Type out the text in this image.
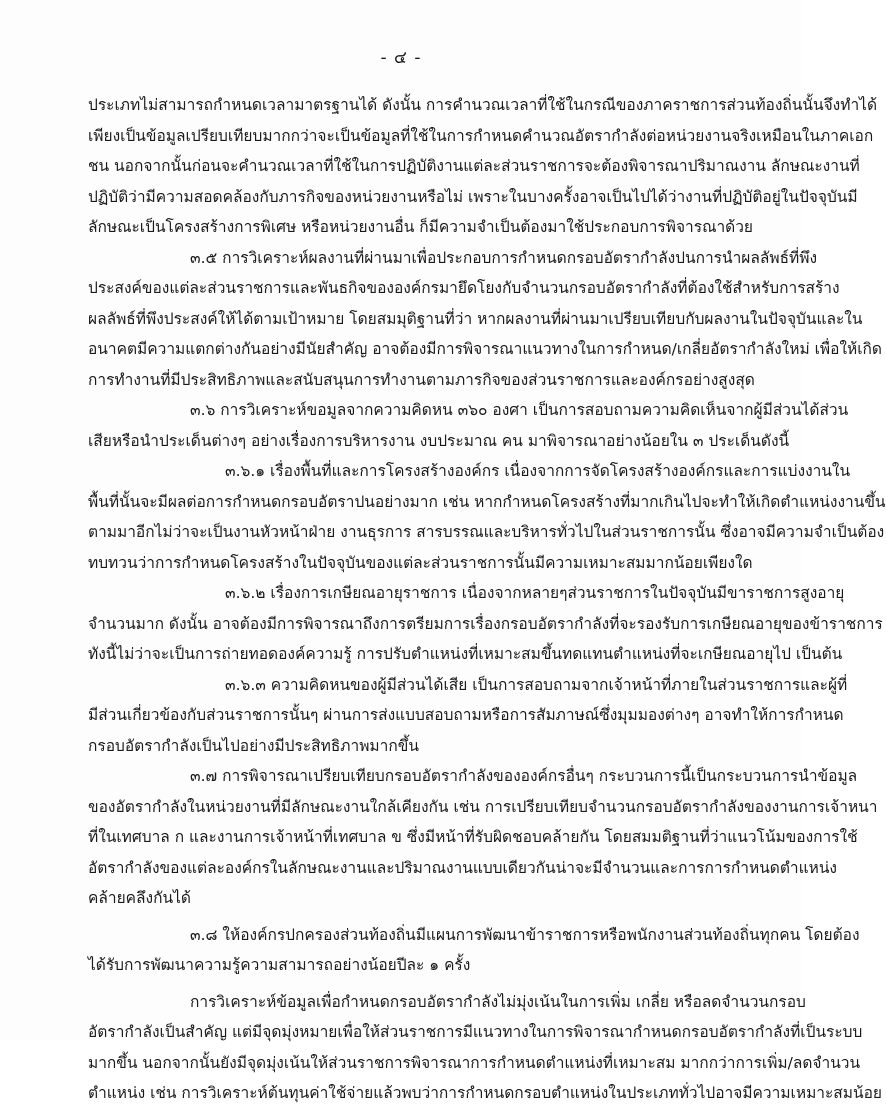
- ๔ -
ประเภทไม่สามารถกำหนดเวลามาตรฐานได้ ดังนั้น การคำนวณเวลาที่ใช้ในกรณีของภาคราชการส่วนท้องถิ่นนั้นจึงทำได้
เพียงเป็นข้อมูลเปรียบเทียบมากกว่าจะเป็นข้อมูลที่ใช้ในการกำหนดคำนวณอัตรากำลังต่อหน่วยงานจริงเหมือนในภาคเอก
ชน นอกจากนั้นก่อนจะคำนวณเวลาที่ใช้ในการปฏิบัติงานแต่ละส่วนราชการจะต้องพิจารณาปริมาณงาน ลักษณะงานที่
ปฏิบัติว่ามีความสอดคล้องกับภารกิจของหน่วยงานหรือไม่ เพราะในบางครั้งอาจเป็นไปได้ว่างานที่ปฏิบัติอยู่ในปัจจุบันมี
ลักษณะเป็นโครงสร้างการพิเศษ หรือหน่วยงานอื่น ก็มีความจำเป็นต้องมาใช้ประกอบการพิจารณาด้วย
๓.๕ การวิเคราะห์ผลงานที่ผ่านมาเพื่อประกอบการกำหนดกรอบอัตรากำลังปนการนำผลลัพธ์ที่พึง
ประสงค์ของแต่ละส่วนราชการและพันธกิจขององค์กรมายึดโยงกับจำนวนกรอบอัตรากำลังที่ต้องใช้สำหรับการสร้าง
ผลลัพธ์ที่พึงประสงค์ให้ได้ตามเป้าหมาย โดยสมมุติฐานที่ว่า หากผลงานที่ผ่านมาเปรียบเทียบกับผลงานในปัจจุบันและใน
อนาคตมีความแตกต่างกันอย่างมีนัยสำคัญ อาจต้องมีการพิจารณาแนวทางในการกำหนด/เกลี่ยอัตรากำลังใหม่ เพื่อให้เกิด
การทำงานที่มีประสิทธิภาพและสนับสนุนการทำงานตามภารกิจของส่วนราชการและองค์กรอย่างสูงสุด
๓.๖ การวิเคราะห์ขอมูลจากความคิดหน ๓๖๐ องศา เป็นการสอบถามความคิดเห็นจากผู้มีส่วนได้ส่วน
เสียหรือนำประเด็นต่างๆ อย่างเรื่องการบริหารงาน งบประมาณ คน มาพิจารณาอย่างน้อยใน ๓ ประเด็นดังนี้
๓.๖.๑ เรื่องพื้นที่และการโครงสร้างองค์กร เนื่องจากการจัดโครงสร้างองค์กรและการแบ่งงานใน
พื้นที่นั้นจะมีผลต่อการกำหนดกรอบอัตราปนอย่างมาก เช่น หากกำหนดโครงสร้างที่มากเกินไปจะทำให้เกิดตำแหน่งงานขึ้น
ตามมาอีกไม่ว่าจะเป็นงานหัวหน้าฝ่าย งานธุรการ สารบรรณและบริหารทั่วไปในส่วนราชการนั้น ซึ่งอาจมีความจำเป็นต้อง
ทบทวนว่าการกำหนดโครงสร้างในปัจจุบันของแต่ละส่วนราชการนั้นมีความเหมาะสมมากน้อยเพียงใด
๓.๖.๒ เรื่องการเกษียณอายุราชการ เนื่องจากหลายๆส่วนราชการในปัจจุบันมีขาราชการสูงอายุ
จำนวนมาก ดังนั้น อาจต้องมีการพิจารณาถึงการตรียมการเรื่องกรอบอัตรากำลังที่จะรองรับการเกษียณอายุของข้าราชการ
ทังนี้ไม่ว่าจะเป็นการถ่ายทอดองค์ความรู้ การปรับตำแหน่งที่เหมาะสมขึ้นทดแทนตำแหน่งที่จะเกษียณอายุไป เป็นต้น
๓.๖.๓ ความคิดหนของผู้มีส่วนได้เสีย เป็นการสอบถามจากเจ้าหน้าที่ภายในส่วนราชการและผู้ที่
มีส่วนเกี่ยวข้องกับส่วนราชการนั้นๆ ผ่านการส่งแบบสอบถามหรือการสัมภาษณ์ซึ่งมุมมองต่างๆ อาจทำให้การกำหนด
กรอบอัตรากำลังเป็นไปอย่างมีประสิทธิภาพมากขึ้น
๓.๗ การพิจารณาเปรียบเทียบกรอบอัตรากำลังขององค์กรอื่นๆ กระบวนการนี้เป็นกระบวนการนำข้อมูล
ของอัตรากำลังในหน่วยงานที่มีลักษณะงานใกล้เคียงกัน เช่น การเปรียบเทียบจำนวนกรอบอัตรากำลังของงานการเจ้าหนา
ที่ในเทศบาล ก และงานการเจ้าหน้าที่เทศบาล ข ซึ่งมีหน้าที่รับผิดชอบคล้ายกัน โดยสมมติฐานที่ว่าแนวโน้มของการใช้
อัตรากำลังของแต่ละองค์กรในลักษณะงานและปริมาณงานแบบเดียวกันน่าจะมีจำนวนและการการกำหนดตำแหน่ง
คล้ายคลึงกันได้
๓.๘ ให้องค์กรปกครองส่วนท้องถิ่นมีแผนการพัฒนาข้าราชการหรือพนักงานส่วนท้องถิ่นทุกคน โดยต้อง
ได้รับการพัฒนาความรู้ความสามารถอย่างน้อยปีละ ๑ ครั้ง
การวิเคราะห์ข้อมูลเพื่อกำหนดกรอบอัตรากำลังไม่มุ่งเน้นในการเพิ่ม เกลี่ย หรือลดจำนวนกรอบ
อัตรากำลังเป็นสำคัญ แต่มีจุดมุ่งหมายเพื่อให้ส่วนราชการมีแนวทางในการพิจารณากำหนดกรอบอัตรากำลังที่เป็นระบบ
มากขึ้น นอกจากนั้นยังมีจุดมุ่งเน้นให้ส่วนราชการพิจารณาการกำหนดตำแหน่งที่เหมาะสม มากกว่าการเพิ่ม/ลดจำนวน
ตำแหน่ง เช่น การวิเคราะห์ต้นทุนค่าใช้จ่ายแล้วพบว่าการกำหนดกรอบตำแหน่งในประเภททั่วไปอาจมีความเหมาะสมน้อย
